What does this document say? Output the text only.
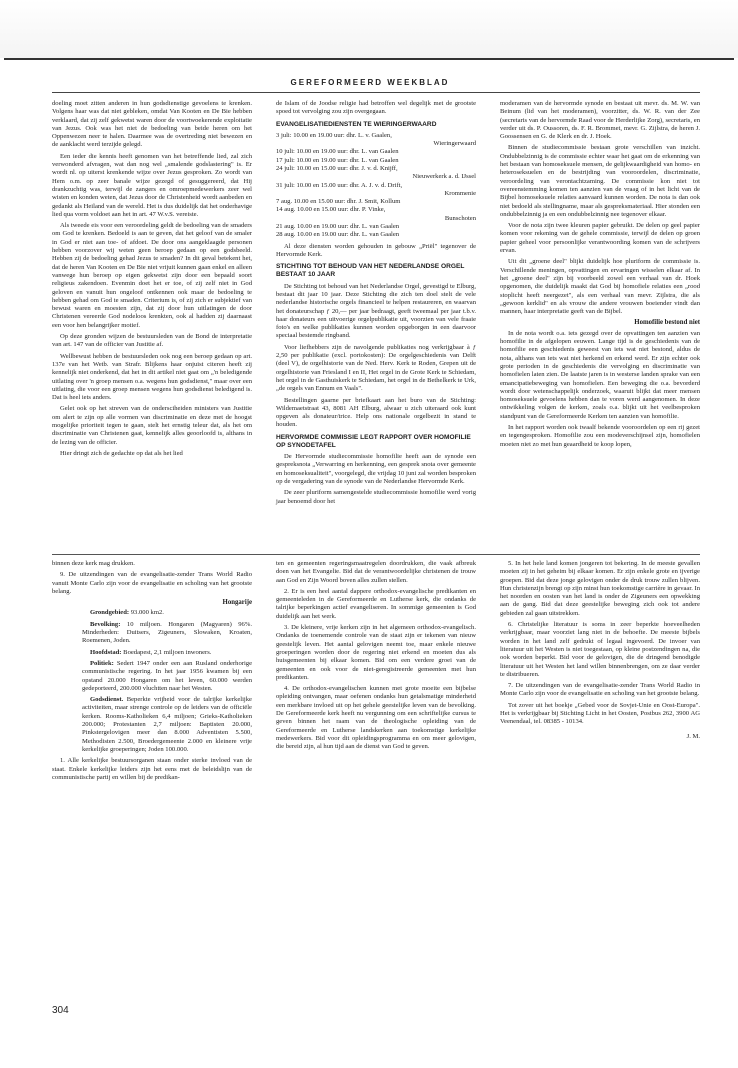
GEREFORMEERD WEEKBLAD

doeling moet zitten anderen in hun godsdienstige gevoelens te krenken. Volgens haar was dat niet gebleken, omdat Van Kooten en De Bie hebben verklaard, dat zij zelf gekwetst waren door de voortwoekerende exploitatie van Jezus. Ook was het niet de bedoeling van beide heren om het Oppenwezen neer te halen. Daarmee was de overtreding niet bewezen en de aanklacht werd terzijde gelegd.

Een ieder die kennis heeft genomen van het betreffende lied, zal zich verwonderd afvragen, wat dan nog wel „smalende godslastering" is. Er wordt nl. op uiterst krenkende wijze over Jezus gesproken. Zo wordt van Hem o.m. op zeer banale wijze gezegd of gesuggereerd, dat Hij drankzuchtig was, terwijl de zangers en omroepmedewerkers zeer wel wisten en konden weten, dat Jezus door de Christenheid wordt aanbeden en gedankt als Heiland van de wereld. Het is dus duidelijk dat het onderhavige lied qua vorm voldoet aan het in art. 47 W.v.S. vereiste.

Als tweede eis voor een veroordeling geldt de bedoeling van de smaders om God te krenken. Bedoeld is aan te geven, dat het geloof van de smaler in God er niet aan toe- of afdoet. De door ons aangeklaagde personen hebben voorzover wij weten geen beroep gedaan op een godsbeeld. Hebben zij de bedoeling gehad Jezus te smaden? In dit geval betekent het, dat de heren Van Kooten en De Bie niet vrijuit kunnen gaan enkel en alleen vanwege hun beroep op eigen gekwetst zijn door een bepaald soort religieus zakendoen. Evenmin doet het er toe, of zij zelf niet in God geloven en vanuit hun ongeloof ontkennen ook maar de bedoeling te hebben gehad om God te smaden. Criterium is, of zij zich er subjektief van bewust waren en moesten zijn, dat zij door hun uitlatingen de door Christenen vereerde God nodeloos krenkten, ook al hadden zij daarnaast een voor hen belangrijker motief.

Op deze gronden wijzen de bestuursleden van de Bond de interpretatie van art. 147 van de officier van Justitie af.

Wellbewust hebben de bestuursleden ook nog een beroep gedaan op art. 137e van het Wetb. van Strafr. Blijkens haar onjuist citeren heeft zij kennelijk niet onderkend, dat het in dit artikel niet gaat om „'n beledigende uitlating over 'n groep mensen o.a. wegens hun godsdienst," maar over een uitlating, die voor een groep mensen wegens hun godsdienst beledigend is. Dat is heel iets anders.

Gelet ook op het streven van de ondersciheiden ministers van Justitie om alert te zijn op alle vormen van discriminatie en deze met de hoogst mogelijke prioriteit tegen te gaan, stelt het ernstig teleur dat, als het om discriminatie van Christenen gaat, kennelijk alles geoorloofd is, althans in de lezing van de officier.

Hier dringt zich de gedachte op dat als het lied

de Islam of de Joodse religie had betroffen wel degelijk met de grootste spoed tot vervolging zou zijn overgegaan.

EVANGELISATIEDIENSTEN TE WIERINGERWAARD
3 juli: 10.00 en 19.00 uur: dhr. L. v. Gaalen,
Wieringerwaard
10 juli: 10.00 en 19.00 uur: dhr. L. van Gaalen
17 juli: 10.00 en 19.00 uur: dhr. L. van Gaalen
24 juli: 10.00 en 15.00 uur: dhr. J. v. d. Knijff,
Nieuwerkerk a. d. IJssel
31 juli: 10.00 en 15.00 uur: dhr. A. J. v. d. Drift,
Krommenie
7 aug. 10.00 en 15.00 uur: dhr. J. Smit, Kollum
14 aug. 10.00 en 15.00 uur: dhr. P. Vinke,
Bunschoten
21 aug. 10.00 en 19.00 uur: dhr. L. van Gaalen
28 aug. 10.00 en 19.00 uur: dhr. L. van Gaalen

Al deze diensten worden gehouden in gebouw „Priël" tegenover de Hervormde Kerk.

STICHTING TOT BEHOUD VAN HET NEDERLANDSE ORGEL BESTAAT 10 JAAR

De Stichting tot behoud van het Nederlandse Orgel, gevestigd te Elburg, bestaat dit jaar 10 jaar. Deze Stichting die zich ten doel stelt de vele nederlandse historische orgels financieel te helpen restaureren, en waarvan het donateurschap ƒ 20,— per jaar bedraagt, geeft tweemaal per jaar t.b.v. haar donateurs een uitvoerige orgelpublikatie uit, voorzien van vele fraaie foto's en welke publikaties kunnen worden opgeborgen in een daarvoor speciaal bestemde ringband.

Voor liefhebbers zijn de navolgende publikaties nog verkrijgbaar à ƒ 2,50 per publikatie (excl. portokosten): De orgelgeschiedenis van Delft (deel V), de orgelhistorie van de Ned. Herv. Kerk te Roden, Grepen uit de orgelhistorie van Friesland I en II, Het orgel in de Grote Kerk te Schiedam, het orgel in de Gasthuiskerk te Schiedam, het orgel in de Bethelkerk te Urk, „de orgels van Ennum en Vaals".

Bestellingen gaarne per briefkaart aan het buro van de Stichting: Wildemaetstraat 43, 8081 AH Elburg, alwaar u zich uiteraard ook kunt opgeven als donateur/trice. Help ons nationale orgelbezit in stand te houden.

HERVORMDE COMMISSIE LEGT RAPPORT OVER HOMOFILIE OP SYNODETAFEL

De Hervormde studiecommissie homofilie heeft aan de synode een gespreksnota „Verwarring en herkenning, een gesprek snota over gemeente en homoseksualiteit", voorgelegd, die vrijdag 10 juni zal worden besproken op de vergadering van de synode van de Nederlandse Hervormde Kerk.

De zeer pluriform samengestelde studiecommissie homofilie werd vorig jaar benoemd door het

moderamen van de hervormde synode en bestaat uit mevr. ds. M. W. van Beinum (lid van het moderamen), voorzitter, ds. W. R. van der Zee (secretaris van de hervormde Raad voor de Herderlijke Zorg), secretaris, en verder uit ds. P. Oussoren, ds. F. R. Brommet, mevr. G. Zijlstra, de heren J. Goossensen en G. de Klerk en dr. J. Hoek.

Binnen de studiecommissie bestaan grote verschillen van inzicht. Ondubbelzinnig is de commissie echter waar het gaat om de erkenning van het bestaan van homoseksuele mensen, de gelijkwaardigheid van homo- en heteroseksuelen en de bestrijding van vooroordelen, discriminatie, veroordeling van verontachtzaming. De commissie kon niet tot overeenstemming komen ten aanzien van de vraag of in het licht van de Bijbel homoseksuele relaties aanvaard kunnen worden. De nota is dan ook niet bedoeld als stellingname, maar als gespreksmateriaal. Hier stonden een ondubbelzinnig ja en een ondubbelzinnig nee tegenover elkaar.

Voor de nota zijn twee kleuren papier gebruikt. De delen op geel papier komen voor rekening van de gehele commissie, terwijl de delen op groen papier geheel voor persoonlijke verantwoording komen van de schrijvers ervan.

Uit dit „groene deel" blijkt duidelijk hoe pluriform de commissie is. Verschillende meningen, opvattingen en ervaringen wisselen elkaar af. In het „groene deel" zijn bij voorbeeld zowel een verhaal van dr. Hoek opgenomen, die duidelijk maakt dat God bij homofiele relaties een „rood stoplicht heeft neergezet", als een verhaal van mevr. Zijlstra, die als „gewoon kerklid" en als vrouw die andere vrouwen boeiender vindt dan mannen, haar interpretatie geeft van de Bijbel.

Homofilie bestond niet

In de nota wordt o.a. iets gezegd over de opvattingen ten aanzien van homofilie in de afgelopen eeuwen. Lange tijd is de geschiedenis van de homofilie een geschiedenis geweest van iets wat niet bestond, aldus de nota, althans van iets wat niet herkend en erkend werd. Er zijn echter ook grote perioden in de geschiedenis die vervolging en discriminatie van homofielen laten zien. De laatste jaren is in westerse landen sprake van een emancipatiebeweging van homofielen. Een beweging die o.a. bevorderd wordt door wetenschappelijk onderzoek, waaruit blijkt dat meer mensen homoseksuele gevoelens hebben dan te voren werd aangenomen. In deze ontwikkeling volgen de kerken, zoals o.a. blijkt uit het veelbesproken standpunt van de Gereformeerde Kerken ten aanzien van homofilie.

In het rapport worden ook twaalf bekende vooroordelen op een rij gezet en tegengesproken. Homofilie zou een modeverschijnsel zijn, homofielen moeten niet zo met hun geaardheid te koop lopen,

binnen deze kerk mag drukken.

9. De uitzendingen van de evangelisatie-zender Trans World Radio vanuit Monte Carlo zijn voor de evangelisatie en scholing van het grootste belang.

Hongarije

Grondgebied: 93.000 km2.

Bevolking: 10 miljoen. Hongaren (Magyaren) 96%. Minderheden: Duitsers, Zigeuners, Slowaken, Kroaten, Roemenen, Joden.

Hoofdstad: Boedapest, 2,1 miljoen inwoners.

Politiek: Sedert 1947 onder een aan Rusland onderhorige communistische regering. In het jaar 1956 kwamen bij een opstand 20.000 Hongaren om het leven, 60.000 werden gedeporteerd, 200.000 vluchtten naar het Westen.

Godsdienst. Beperkte vrijheid voor de talrijke kerkelijke activiteiten, maar strenge controle op de leiders van de officiële kerken. Rooms-Katholieken 6,4 miljoen; Grieks-Katholieken 200.000; Protestanten 2,7 miljoen: Baptisten 20.000, Pinkstergelovigen meer dan 8.000 Adventisten 5.500, Methodisten 2.500, Broedergemeente 2.000 en kleinere vrije kerkelijke groeperingen; Joden 100.000.

1. Alle kerkelijke bestuursorganen staan onder sterke invloed van de staat. Enkele kerkelijke leiders zijn het eens met de beleidslijn van de communistische partij en willen bij de predikan-

ten en gemeenten regeringsmaatregelen doordrukken, die vaak afbreuk doen van het Evangelie. Bid dat de verantwoordelijke christenen de trouw aan God en Zijn Woord boven alles zullen stellen.

2. Er is een heel aantal dappere orthodox-evangelische predikanten en gemeenteleden in de Gereformeerde en Lutherse kerk, die ondanks de talrijke beperkingen actief evangeliseren. In sommige gemeenten is God duidelijk aan het werk.

3. De kleinere, vrije kerken zijn in het algemeen orthodox-evangelisch. Ondanks de toenemende controle van de staat zijn er tekenen van nieuw geestelijk leven. Het aantal gelovigen neemt toe, maar enkele nieuwe groeperingen worden door de regering niet erkend en moeten dus als huisgemeenten bij elkaar komen. Bid om een verdere groei van de gemeenten en ook voor de niet-geregistreerde gemeenten met hun predikanten.

4. De orthodox-evangelischen kunnen met grote moeite een bijbelse opleiding ontvangen, maar oefenen ondanks hun getalsmatige minderheid een merkbare invloed uit op het gehele geestelijke leven van de bevolking. De Gereformeerde kerk heeft nu vergunning om een schriftelijke cursus te geven binnen het raam van de theologische opleiding van de Gereformeerde en Lutherse landskerken aan toekomstige kerkelijke medewerkers. Bid voor dit opleidingsprogramma en om meer gelovigen, die bereid zijn, al hun tijd aan de dienst van God te geven.

5. In het hele land komen jongeren tot bekering. In de meeste gevallen moeten zij in het geheim bij elkaar komen. Er zijn enkele grote en ijverige groepen. Bid dat deze jonge gelovigen onder de druk trouw zullen blijven. Hun christenzijn brengt op zijn minst hun toekomstige carrière in gevaar. In het noorden en oosten van het land is onder de Zigeuners een opwekking aan de gang. Bid dat deze geestelijke beweging zich ook tot andere gebieden zal gaan uitstrekken.

6. Christelijke literatuur is soms in zeer beperkte hoeveelheden verkrijgbaar, maar voorziet lang niet in de behoefte. De meeste bijbels worden in het land zelf gedrukt of legaal ingevoerd. De invoer van literatuur uit het Westen is niet toegestaan, op kleine postzendingen na, die ook worden beperkt. Bid voor de gelovigen, die de dringend benodigde literatuur uit het Westen het land willen binnenbrengen, om ze daar verder te distribueren.

7. De uitzendingen van de evangelisatie-zender Trans World Radio in Monte Carlo zijn voor de evangelisatie en scholing van het grootste belang.

Tot zover uit het boekje „Gebed voor de Sovjet-Unie en Oost-Europa". Het is verkrijgbaar bij Stichting Licht in het Oosten, Postbus 262, 3900 AG Veenendaal, tel. 08385 - 10134.

J. M.
304
